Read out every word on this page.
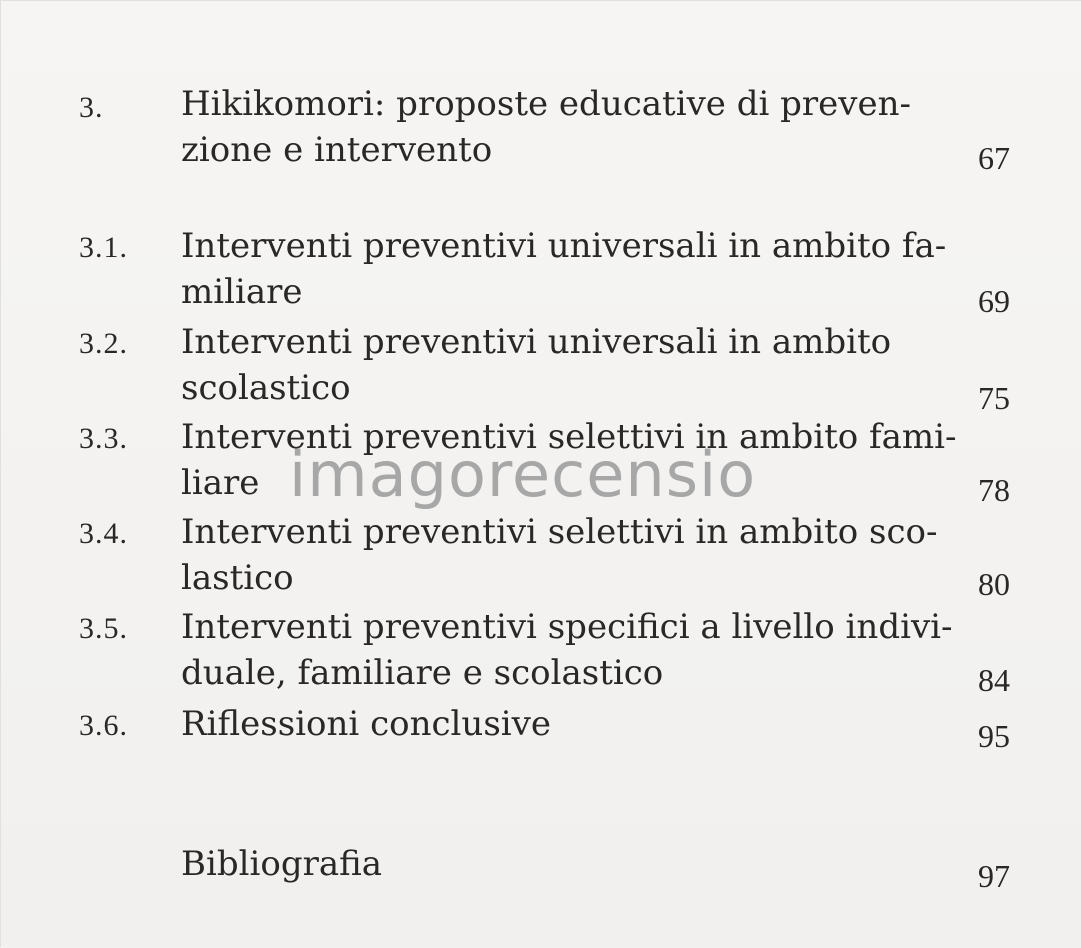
3. Hikikomori: proposte educative di preven-
zione e intervento	67
3.1. Interventi preventivi universali in ambito fa-
miliare	69
3.2. Interventi preventivi universali in ambito
scolastico	75
3.3. Interventi preventivi selettivi in ambito fami-
liare	78
3.4. Interventi preventivi selettivi in ambito sco-
lastico	80
3.5. Interventi preventivi specifici a livello indivi-
duale, familiare e scolastico	84
3.6. Riflessioni conclusive	95
Bibliografia	97
imagorecensio
